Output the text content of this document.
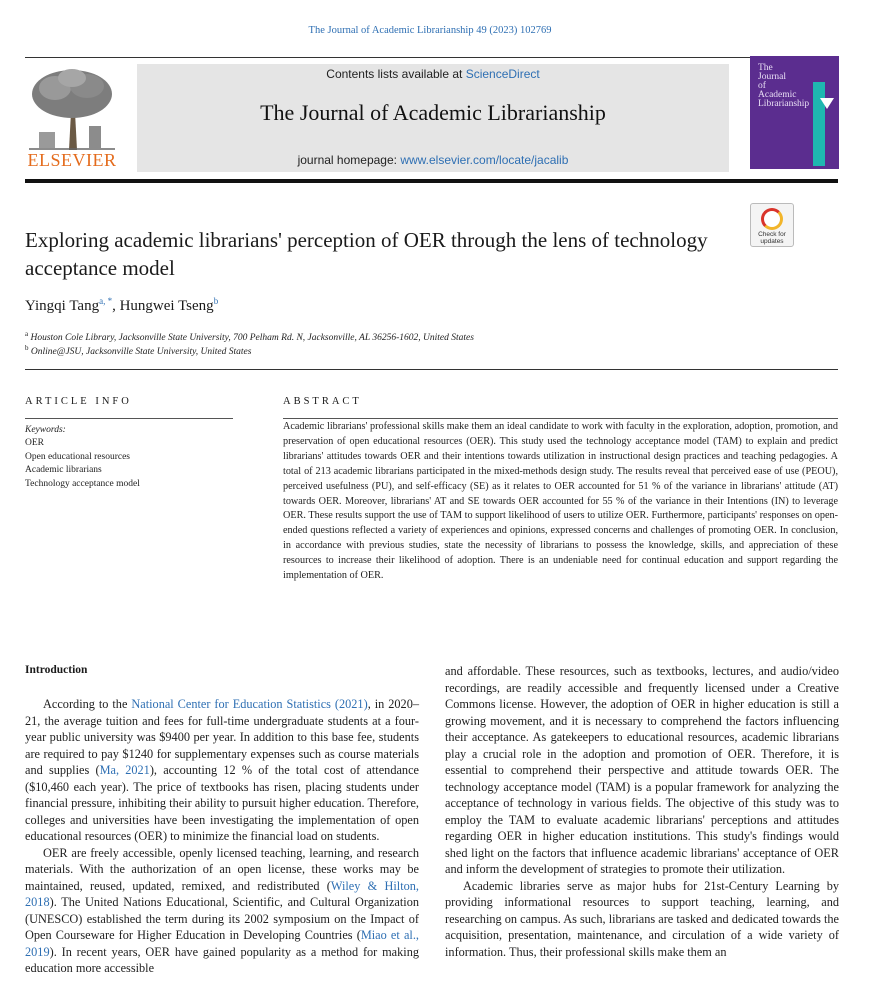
The Journal of Academic Librarianship 49 (2023) 102769
ELSEVIER
Contents lists available at ScienceDirect
The Journal of Academic Librarianship
journal homepage: www.elsevier.com/locate/jacalib
The
Journal
of
Academic
Librarianship
Check for
updates
Exploring academic librarians' perception of OER through the lens of technology acceptance model
Yingqi Tang$^{a, *}$, Hungwei Tseng$^b$
$^a$ Houston Cole Library, Jacksonville State University, 700 Pelham Rd. N, Jacksonville, AL 36256-1602, United States
$^b$ Online@JSU, Jacksonville State University, United States
ARTICLE INFO	ABSTRACT
Keywords:
OER
Open educational resources
Academic librarians
Technology acceptance model
Academic librarians' professional skills make them an ideal candidate to work with faculty in the exploration, adoption, promotion, and preservation of open educational resources (OER). This study used the technology acceptance model (TAM) to explain and predict librarians' attitudes towards OER and their intentions towards utilization in instructional design practices and teaching pedagogies. A total of 213 academic librarians participated in the mixed-methods design study. The results reveal that perceived ease of use (PEOU), perceived usefulness (PU), and self-efficacy (SE) as it relates to OER accounted for 51 % of the variance in librarians' attitude (AT) towards OER. Moreover, librarians' AT and SE towards OER accounted for 55 % of the variance in their Intentions (IN) to leverage OER. These results support the use of TAM to support likelihood of users to utilize OER. Furthermore, participants' responses on open-ended questions reflected a variety of experiences and opinions, expressed concerns and challenges of promoting OER. In conclusion, in accordance with previous studies, state the necessity of librarians to possess the knowledge, skills, and appreciation of these resources to increase their likelihood of adoption. There is an undeniable need for continual education and support regarding the implementation of OER.
Introduction

According to the National Center for Education Statistics (2021), in 2020–21, the average tuition and fees for full-time undergraduate students at a four-year public university was $9400 per year. In addition to this base fee, students are required to pay $1240 for supplementary expenses such as course materials and supplies (Ma, 2021), accounting 12 % of the total cost of attendance ($10,460 each year). The price of textbooks has risen, placing students under financial pressure, inhibiting their ability to pursuit higher education. Therefore, colleges and universities have been investigating the implementation of open educational resources (OER) to minimize the financial load on students.

OER are freely accessible, openly licensed teaching, learning, and research materials. With the authorization of an open license, these works may be maintained, reused, updated, remixed, and redistributed (Wiley & Hilton, 2018). The United Nations Educational, Scientific, and Cultural Organization (UNESCO) established the term during its 2002 symposium on the Impact of Open Courseware for Higher Education in Developing Countries (Miao et al., 2019). In recent years, OER have gained popularity as a method for making education more accessible

and affordable. These resources, such as textbooks, lectures, and audio/video recordings, are readily accessible and frequently licensed under a Creative Commons license. However, the adoption of OER in higher education is still a growing movement, and it is necessary to comprehend the factors influencing their acceptance. As gatekeepers to educational resources, academic librarians play a crucial role in the adoption and promotion of OER. Therefore, it is essential to comprehend their perspective and attitude towards OER. The technology acceptance model (TAM) is a popular framework for analyzing the acceptance of technology in various fields. The objective of this study was to employ the TAM to evaluate academic librarians' perceptions and attitudes regarding OER in higher education institutions. This study's findings would shed light on the factors that influence academic librarians' acceptance of OER and inform the development of strategies to promote their utilization.

Academic libraries serve as major hubs for 21st-Century Learning by providing informational resources to support teaching, learning, and researching on campus. As such, librarians are tasked and dedicated towards the acquisition, presentation, maintenance, and circulation of a wide variety of information. Thus, their professional skills make them an
